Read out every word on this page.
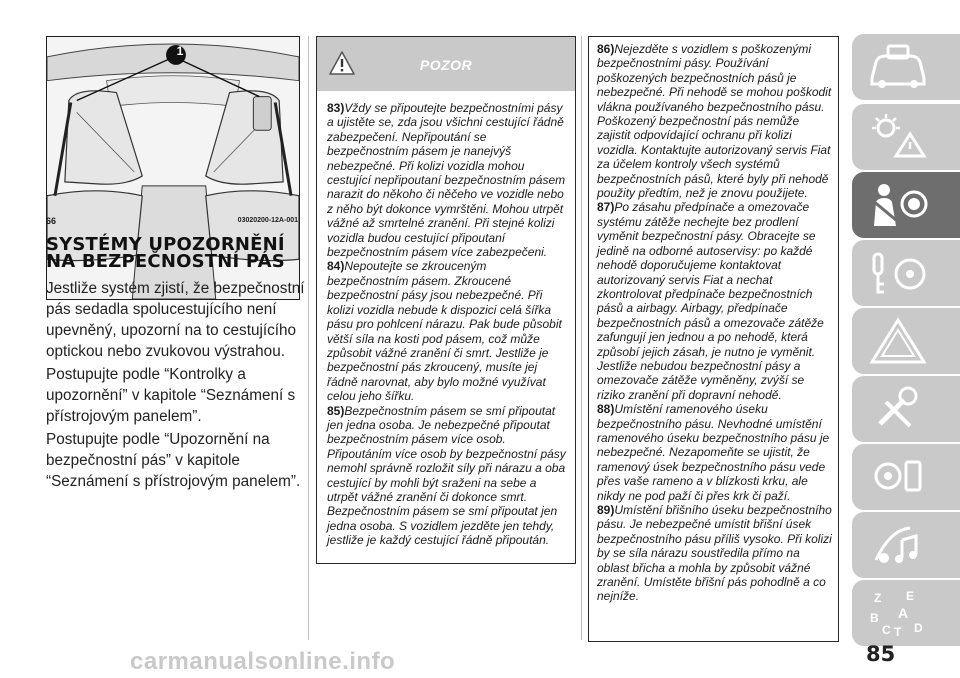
1
66	03020200-12A-001
SYSTÉMY UPOZORNĚNÍ
NA BEZPEČNOSTNÍ PÁS

Jestliže systém zjistí, že bezpečnostní pás sedadla spolucestujícího není upevněný, upozorní na to cestujícího optickou nebo zvukovou výstrahou.

Postupujte podle “Kontrolky a upozornění” v kapitole “Seznámení s přístrojovým panelem”.

Postupujte podle “Upozornění na bezpečnostní pás” v kapitole “Seznámení s přístrojovým panelem”.

POZOR
83)Vždy se připoutejte bezpečnostními pásy a ujistěte se, zda jsou všichni cestující řádně zabezpečení. Nepřipoutání se bezpečnostním pásem je nanejvýš nebezpečné. Při kolizi vozidla mohou cestující nepřipoutaní bezpečnostním pásem narazit do někoho či něčeho ve vozidle nebo z něho být dokonce vymrštěni. Mohou utrpět vážné až smrtelné zranění. Při stejné kolizi vozidla budou cestující připoutaní bezpečnostním pásem více zabezpečeni.
84)Nepoutejte se zkrouceným bezpečnostním pásem. Zkroucené bezpečnostní pásy jsou nebezpečné. Při kolizi vozidla nebude k dispozici celá šířka pásu pro pohlcení nárazu. Pak bude působit větší síla na kosti pod pásem, což může způsobit vážné zranění či smrt. Jestliže je bezpečnostní pás zkroucený, musíte jej řádně narovnat, aby bylo možné využívat celou jeho šířku.
85)Bezpečnostním pásem se smí připoutat jen jedna osoba. Je nebezpečné připoutat bezpečnostním pásem více osob. Připoutáním více osob by bezpečnostní pásy nemohl správně rozložit síly při nárazu a oba cestující by mohli být sraženi na sebe a utrpět vážné zranění či dokonce smrt. Bezpečnostním pásem se smí připoutat jen jedna osoba. S vozidlem jezděte jen tehdy, jestliže je každý cestující řádně připoután.
86)Nejezděte s vozidlem s poškozenými bezpečnostními pásy. Používání poškozených bezpečnostních pásů je nebezpečné. Při nehodě se mohou poškodit vlákna používaného bezpečnostního pásu. Poškozený bezpečnostní pás nemůže zajistit odpovídající ochranu při kolizi vozidla. Kontaktujte autorizovaný servis Fiat za účelem kontroly všech systémů bezpečnostních pásů, které byly při nehodě použity předtím, než je znovu použijete.
87)Po zásahu předpínače a omezovače systému zátěže nechejte bez prodlení vyměnit bezpečnostní pásy. Obracejte se jedině na odborné autoservisy: po každé nehodě doporučujeme kontaktovat autorizovaný servis Fiat a nechat zkontrolovat předpínače bezpečnostních pásů a airbagy. Airbagy, předpínače bezpečnostních pásů a omezovače zátěže zafungují jen jednou a po nehodě, která způsobí jejich zásah, je nutno je vyměnit. Jestliže nebudou bezpečnostní pásy a omezovače zátěže vyměněny, zvýší se riziko zranění při dopravní nehodě.
88)Umístění ramenového úseku bezpečnostního pásu. Nevhodné umístění ramenového úseku bezpečnostního pásu je nebezpečné. Nezapomeňte se ujistit, že ramenový úsek bezpečnostního pásu vede přes vaše rameno a v blízkosti krku, ale nikdy ne pod paží či přes krk či paží.
89)Umístění břišního úseku bezpečnostního pásu. Je nebezpečné umístit břišní úsek bezpečnostního pásu příliš vysoko. Při kolizi by se síla nárazu soustředila přímo na oblast břicha a mohla by způsobit vážné zranění. Umístěte břišní pás pohodlně a co nejníže.	Z E
B A
C T D
85
carmanualsonline.info
